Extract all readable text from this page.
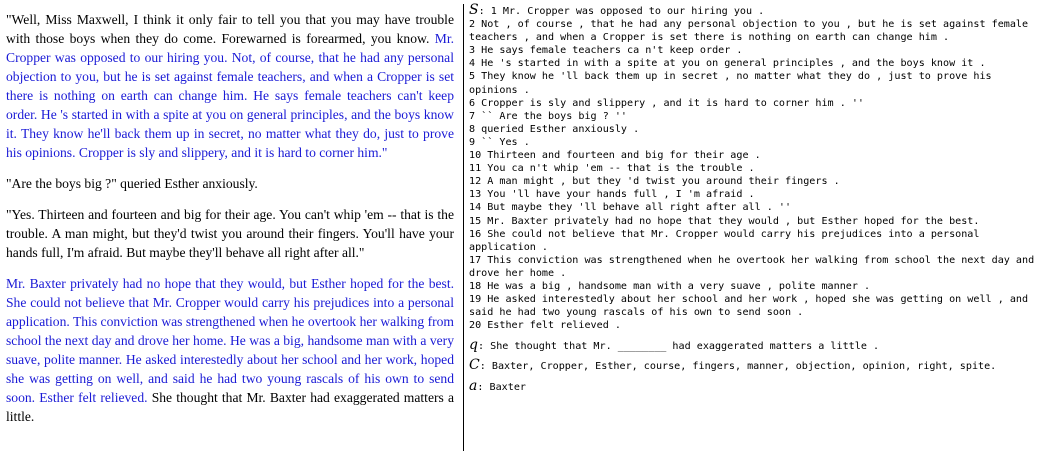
"Well, Miss Maxwell, I think it only fair to tell you that you may have trouble with those boys when they do come. Forewarned is forearmed, you know. Mr. Cropper was opposed to our hiring you. Not, of course, that he had any personal objection to you, but he is set against female teachers, and when a Cropper is set there is nothing on earth can change him. He says female teachers can't keep order. He 's started in with a spite at you on general principles, and the boys know it. They know he'll back them up in secret, no matter what they do, just to prove his opinions. Cropper is sly and slippery, and it is hard to corner him."

"Are the boys big ?" queried Esther anxiously.

"Yes. Thirteen and fourteen and big for their age. You can't whip 'em -- that is the trouble. A man might, but they'd twist you around their fingers. You'll have your hands full, I'm afraid. But maybe they'll behave all right after all."

Mr. Baxter privately had no hope that they would, but Esther hoped for the best. She could not believe that Mr. Cropper would carry his prejudices into a personal application. This conviction was strengthened when he overtook her walking from school the next day and drove her home. He was a big, handsome man with a very suave, polite manner. He asked interestedly about her school and her work, hoped she was getting on well, and said he had two young rascals of his own to send soon. Esther felt relieved. She thought that Mr. Baxter had exaggerated matters a little.

S: 1 Mr. Cropper was opposed to our hiring you .
2 Not , of course , that he had any personal objection to you , but he is set against female teachers , and when a Cropper is set there is nothing on earth can change him .
3 He says female teachers ca n't keep order .
4 He 's started in with a spite at you on general principles , and the boys know it .
5 They know he 'll back them up in secret , no matter what they do , just to prove his opinions .
6 Cropper is sly and slippery , and it is hard to corner him . ''
7 `` Are the boys big ? ''
8 queried Esther anxiously .
9 `` Yes .
10 Thirteen and fourteen and big for their age .
11 You ca n't whip 'em -- that is the trouble .
12 A man might , but they 'd twist you around their fingers .
13 You 'll have your hands full , I 'm afraid .
14 But maybe they 'll behave all right after all . ''
15 Mr. Baxter privately had no hope that they would , but Esther hoped for the best.
16 She could not believe that Mr. Cropper would carry his prejudices into a personal application .
17 This conviction was strengthened when he overtook her walking from school the next day and drove her home .
18 He was a big , handsome man with a very suave , polite manner .
19 He asked interestedly about her school and her work , hoped she was getting on well , and said he had two young rascals of his own to send soon .
20 Esther felt relieved .
q: She thought that Mr. ________ had exaggerated matters a little .
C: Baxter, Cropper, Esther, course, fingers, manner, objection, opinion, right, spite.
a: Baxter
